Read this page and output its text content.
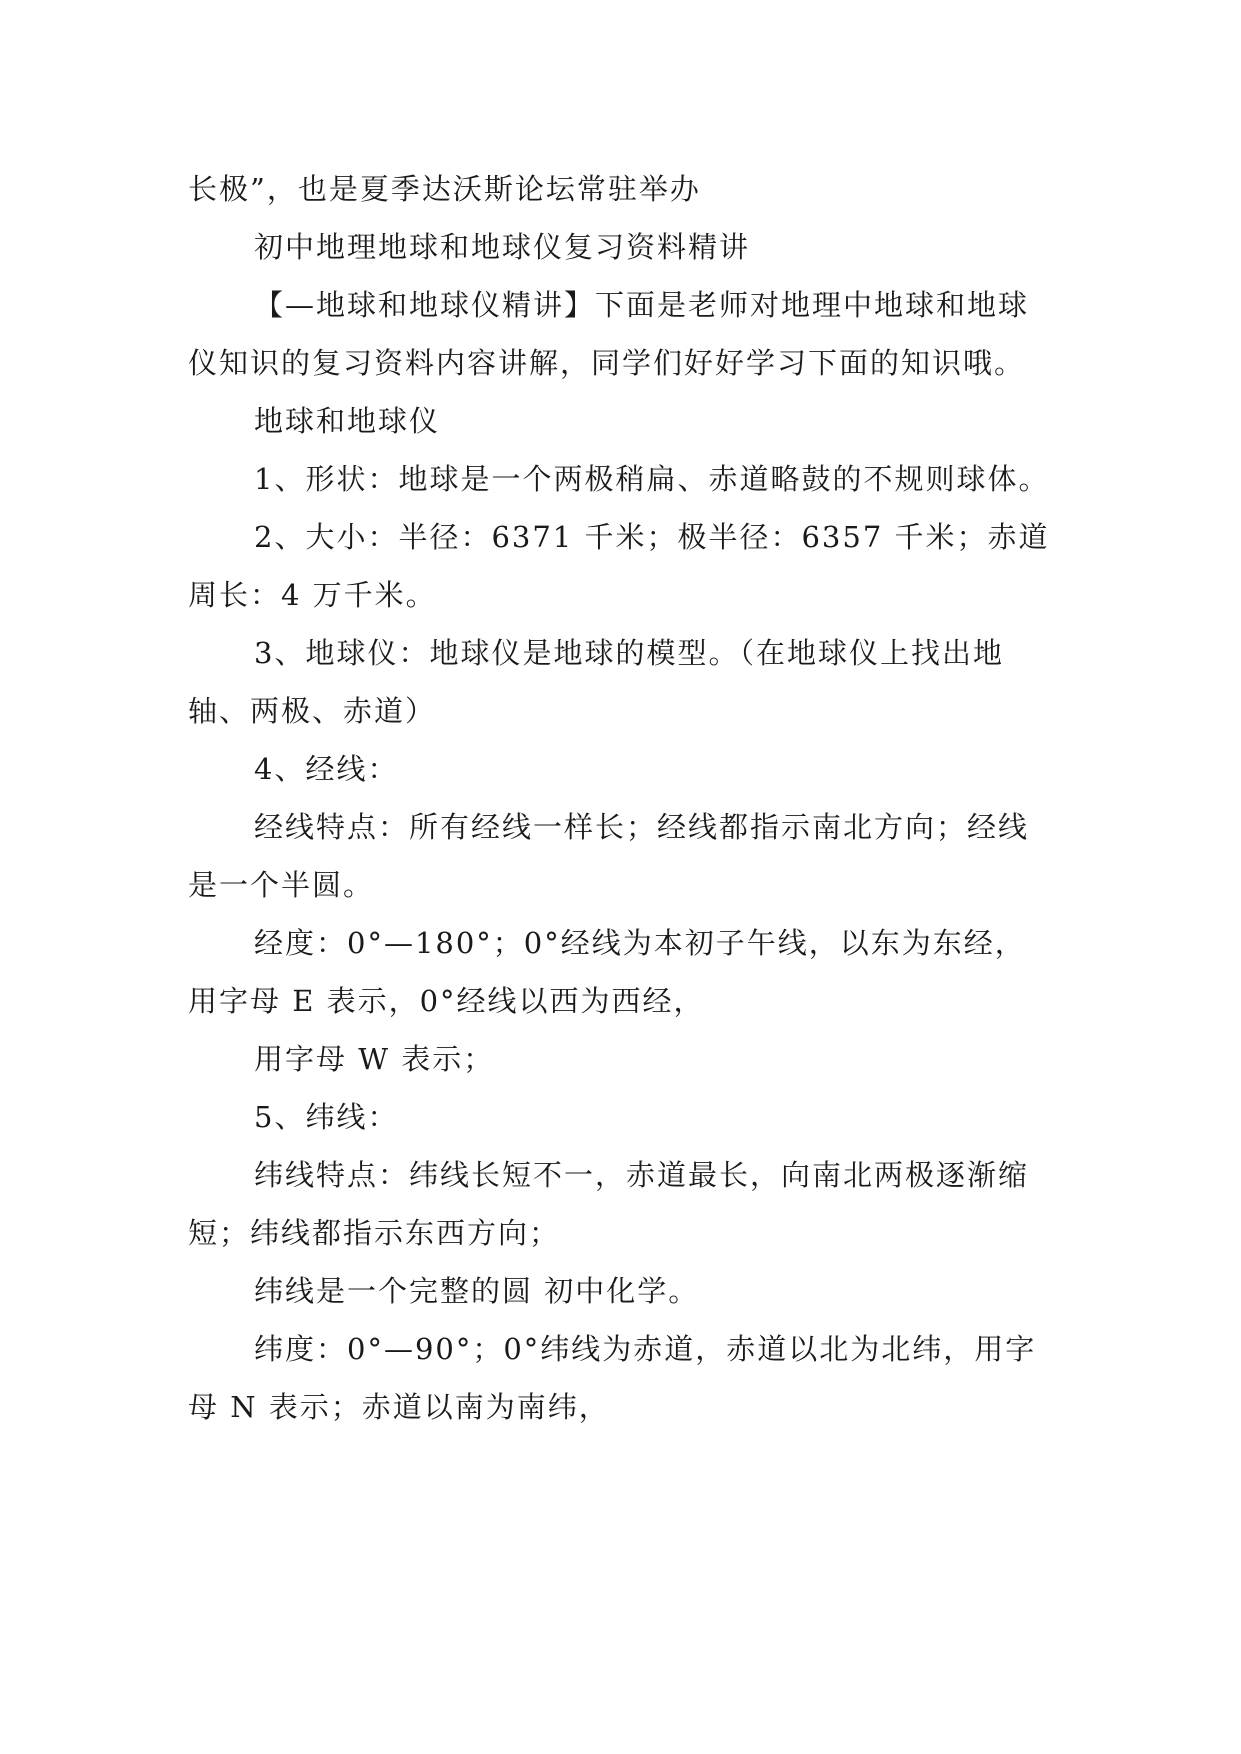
长极”，也是夏季达沃斯论坛常驻举办

初中地理地球和地球仪复习资料精讲

【—地球和地球仪精讲】下面是老师对地理中地球和地球仪知识的复习资料内容讲解，同学们好好学习下面的知识哦。

地球和地球仪

1、形状：地球是一个两极稍扁、赤道略鼓的不规则球体。

2、大小：半径：6371 千米；极半径：6357 千米；赤道周长：4 万千米。

3、地球仪：地球仪是地球的模型。（在地球仪上找出地轴、两极、赤道）

4、经线：

经线特点：所有经线一样长；经线都指示南北方向；经线是一个半圆。

经度：0°—180°；0°经线为本初子午线，以东为东经，用字母 E 表示，0°经线以西为西经，

用字母 W 表示；

5、纬线：

纬线特点：纬线长短不一，赤道最长，向南北两极逐渐缩短；纬线都指示东西方向；

纬线是一个完整的圆 初中化学。

纬度：0°—90°；0°纬线为赤道，赤道以北为北纬，用字母 N 表示；赤道以南为南纬，
